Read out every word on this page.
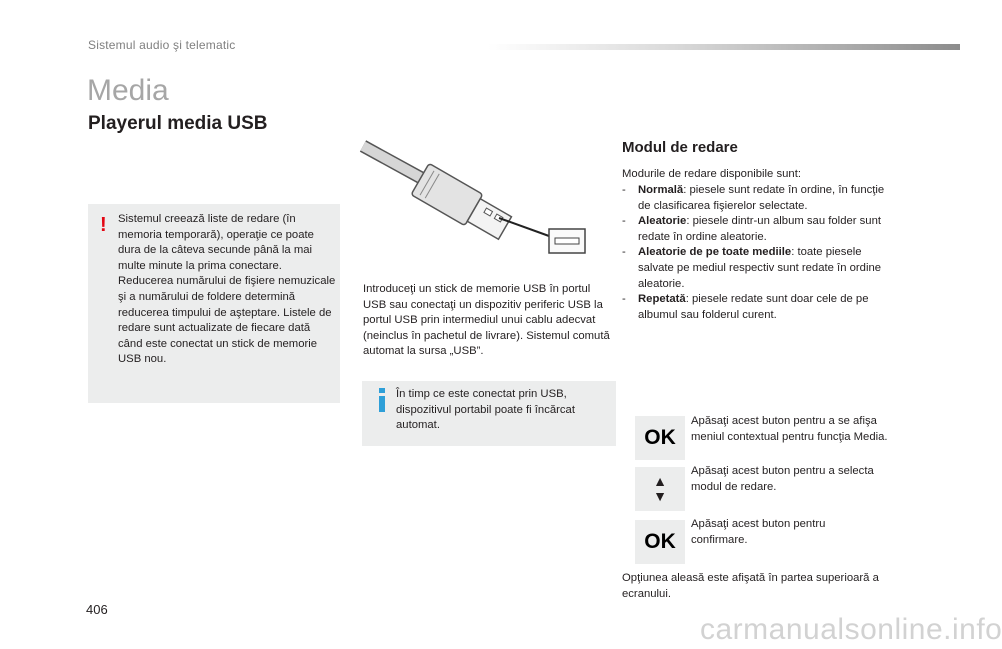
Sistemul audio şi telematic
Media
Playerul media USB
! Sistemul creează liste de redare (în memoria temporară), operaţie ce poate dura de la câteva secunde până la mai multe minute la prima conectare. Reducerea numărului de fişiere nemuzicale şi a numărului de foldere determină reducerea timpului de aşteptare. Listele de redare sunt actualizate de fiecare dată când este conectat un stick de memorie USB nou.
Introduceţi un stick de memorie USB în portul USB sau conectaţi un dispozitiv periferic USB la portul USB prin intermediul unui cablu adecvat (neinclus în pachetul de livrare). Sistemul comută automat la sursa „USB”.
În timp ce este conectat prin USB, dispozitivul portabil poate fi încărcat automat.
Modul de redare
Modurile de redare disponibile sunt:
- Normală: piesele sunt redate în ordine, în funcţie de clasificarea fişierelor selectate.
- Aleatorie: piesele dintr-un album sau folder sunt redate în ordine aleatorie.
- Aleatorie de pe toate mediile: toate piesele salvate pe mediul respectiv sunt redate în ordine aleatorie.
- Repetată: piesele redate sunt doar cele de pe albumul sau folderul curent.
OK
Apăsaţi acest buton pentru a se afişa meniul contextual pentru funcţia Media.
▲
▼
Apăsaţi acest buton pentru a selecta modul de redare.
OK
Apăsaţi acest buton pentru confirmare.
Opţiunea aleasă este afişată în partea superioară a ecranului.
406
carmanualsonline.info
